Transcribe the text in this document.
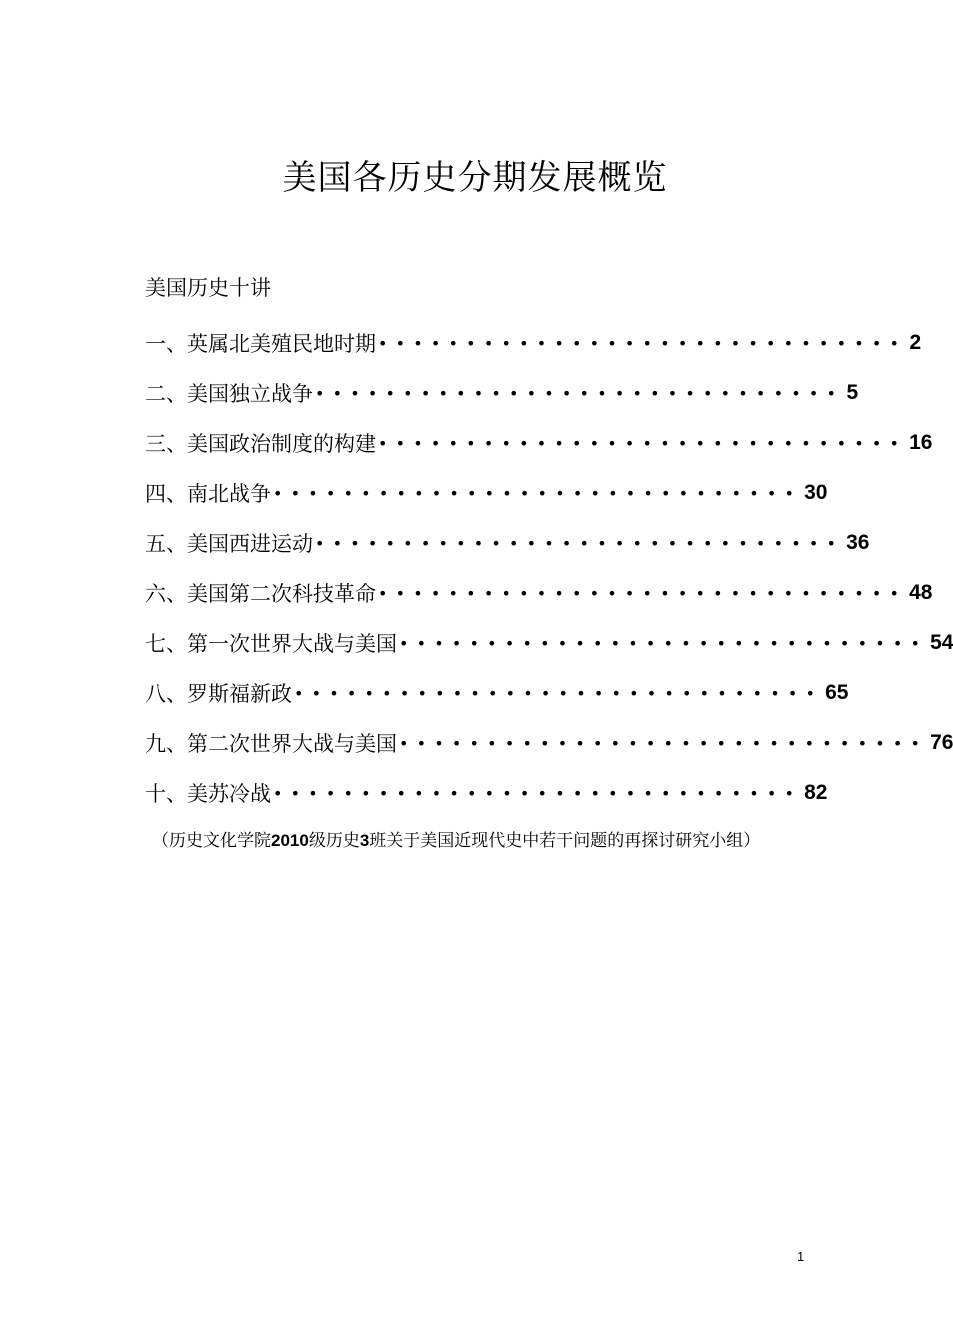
美国各历史分期发展概览
美国历史十讲
一、英属北美殖民地时期 •••••••••••••••••••••••••••••• 2
二、美国独立战争 •••••••••••••••••••••••••••••• 5
三、美国政治制度的构建 •••••••••••••••••••••••••••••• 16
四、南北战争 •••••••••••••••••••••••••••••• 30
五、美国西进运动 •••••••••••••••••••••••••••••• 36
六、美国第二次科技革命 •••••••••••••••••••••••••••••• 48
七、第一次世界大战与美国 •••••••••••••••••••••••••••••• 54
八、罗斯福新政 •••••••••••••••••••••••••••••• 65
九、第二次世界大战与美国 •••••••••••••••••••••••••••••• 76
十、美苏冷战 •••••••••••••••••••••••••••••• 82
（历史文化学院2010级历史3班关于美国近现代史中若干问题的再探讨研究小组）
1
